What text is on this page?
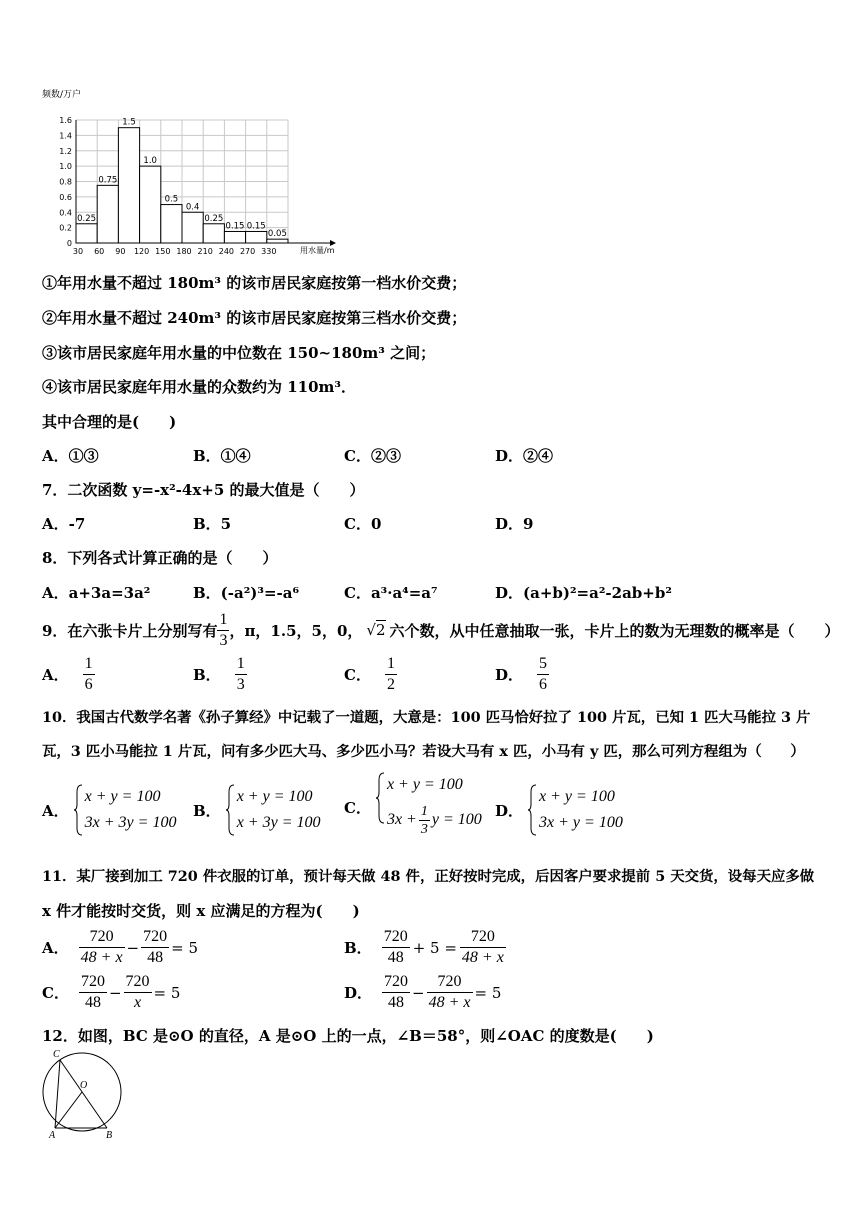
0.25
0.75
1.5
1.0
0.5
0.4
0.25
0.15 0.15
0.05
0
0.2
0.4
0.6
0.8
1.0
1.2
1.4
1.6
30 60 90 120 150 180 210 240 270 330
频数/万户
用水量/m
①年用水量不超过 180m³ 的该市居民家庭按第一档水价交费；
②年用水量不超过 240m³ 的该市居民家庭按第三档水价交费；
③该市居民家庭年用水量的中位数在 150~180m³ 之间；
④该市居民家庭年用水量的众数约为 110m³．
其中合理的是(　　)
A．①③	B．①④	C．②③	D．②④
7．二次函数 y=-x²-4x+5 的最大值是（　　）
A．-7	B．5	C．0	D．9
8．下列各式计算正确的是（　　）
A．a+3a=3a²	B．(-a²)³=-a⁶	C．a³·a⁴=a⁷	D．(a+b)²=a²-2ab+b²
9．在六张卡片上分别写有 $\frac{1}{3}$ ，π，1.5，5，0， √2 六个数，从中任意抽取一张，卡片上的数为无理数的概率是（　　）
A． $\frac{1}{6}$	B． $\frac{1}{3}$	C． $\frac{1}{2}$	D． $\frac{5}{6}$
10．我国古代数学名著《孙子算经》中记载了一道题，大意是：100 匹马恰好拉了 100 片瓦，已知 1 匹大马能拉 3 片
瓦，3 匹小马能拉 1 片瓦，问有多少匹大马、多少匹小马？若设大马有 x 匹，小马有 y 匹，那么可列方程组为（　　）
A．
x + y = 100
3x + 3y = 100
B．
x + y = 100
x + 3y = 100
C．
x + y = 100
$3x + \frac{1}{3}$ y = 100 D．
x + y = 100
3x + y = 100
11．某厂接到加工 720 件衣服的订单，预计每天做 48 件，正好按时完成，后因客户要求提前 5 天交货，设每天应多做
x 件才能按时交货，则 x 应满足的方程为(　　)
A． $\frac{720}{48 + x} - \frac{720}{48} = 5$	B． $\frac{720}{48} + 5 = \frac{720}{48 + x}$
C． $\frac{720}{48} - \frac{720}{x} = 5$	D． $\frac{720}{48} - \frac{720}{48 + x} = 5$
12．如图，BC 是⊙O 的直径，A 是⊙O 上的一点，∠B＝58°，则∠OAC 的度数是(　　)
C
O
A	B
